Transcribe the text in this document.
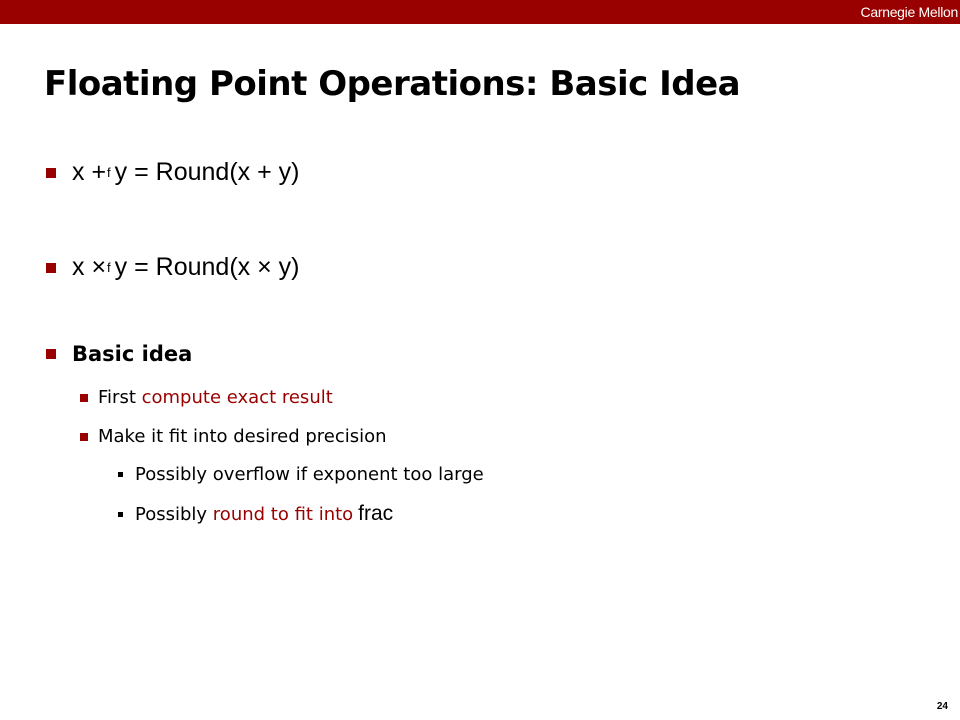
Carnegie Mellon
Floating Point Operations: Basic Idea
x + f y = Round(x + y)
x × f y = Round(x × y)
Basic idea
First compute exact result
Make it fit into desired precision
Possibly overflow if exponent too large
Possibly round to fit into frac
24
